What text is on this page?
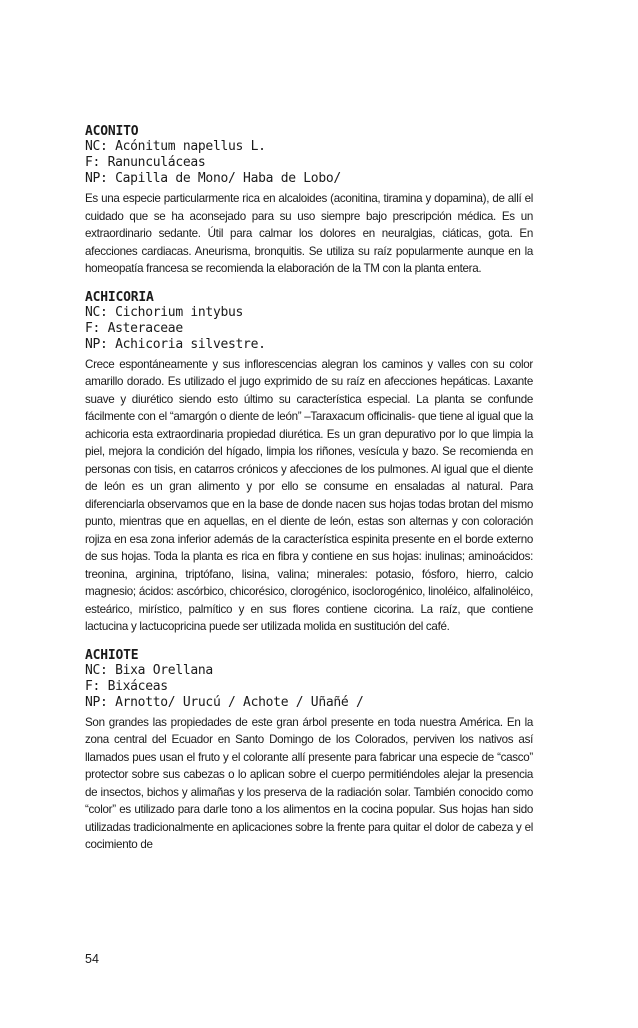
ACONITO

NC: Acónitum napellus L.

F: Ranunculáceas

NP: Capilla de Mono/ Haba de Lobo/

Es una especie particularmente rica en alcaloides (aconitina, tiramina y dopamina), de allí el cuidado que se ha aconsejado para su uso siempre bajo prescripción médica. Es un extraordinario sedante. Útil para calmar los dolores en neuralgias, ciáticas, gota. En afecciones cardiacas. Aneurisma, bronquitis. Se utiliza su raíz popularmente aunque en la homeopatía francesa se recomienda la elaboración de la TM con la planta entera.

ACHICORIA

NC: Cichorium intybus

F: Asteraceae

NP: Achicoria silvestre.

Crece espontáneamente y sus inflorescencias alegran los caminos y valles con su color amarillo dorado. Es utilizado el jugo exprimido de su raíz en afecciones hepáticas. Laxante suave y diurético siendo esto último su característica especial. La planta se confunde fácilmente con el “amargón o diente de león” –Taraxacum officinalis- que tiene al igual que la achicoria esta extraordinaria propiedad diurética. Es un gran depurativo por lo que limpia la piel, mejora la condición del hígado, limpia los riñones, vesícula y bazo. Se recomienda en personas con tisis, en catarros crónicos y afecciones de los pulmones. Al igual que el diente de león es un gran alimento y por ello se consume en ensaladas al natural. Para diferenciarla observamos que en la base de donde nacen sus hojas todas brotan del mismo punto, mientras que en aquellas, en el diente de león, estas son alternas y con coloración rojiza en esa zona inferior además de la característica espinita presente en el borde externo de sus hojas. Toda la planta es rica en fibra y contiene en sus hojas: inulinas; aminoácidos: treonina, arginina, triptófano, lisina, valina; minerales: potasio, fósforo, hierro, calcio magnesio; ácidos: ascórbico, chicorésico, clorogénico, isoclorogénico, linoléico, alfalinoléico, esteárico, mirístico, palmítico y en sus flores contiene cicorina. La raíz, que contiene lactucina y lactucopricina puede ser utilizada molida en sustitución del café.

ACHIOTE

NC: Bixa Orellana

F: Bixáceas

NP: Arnotto/ Urucú / Achote / Uñañé /

Son grandes las propiedades de este gran árbol presente en toda nuestra América. En la zona central del Ecuador en Santo Domingo de los Colorados, perviven los nativos así llamados pues usan el fruto y el colorante allí presente para fabricar una especie de “casco” protector sobre sus cabezas o lo aplican sobre el cuerpo permitiéndoles alejar la presencia de insectos, bichos y alimañas y los preserva de la radiación solar. También conocido como “color” es utilizado para darle tono a los alimentos en la cocina popular. Sus hojas han sido utilizadas tradicionalmente en aplicaciones sobre la frente para quitar el dolor de cabeza y el cocimiento de

54
